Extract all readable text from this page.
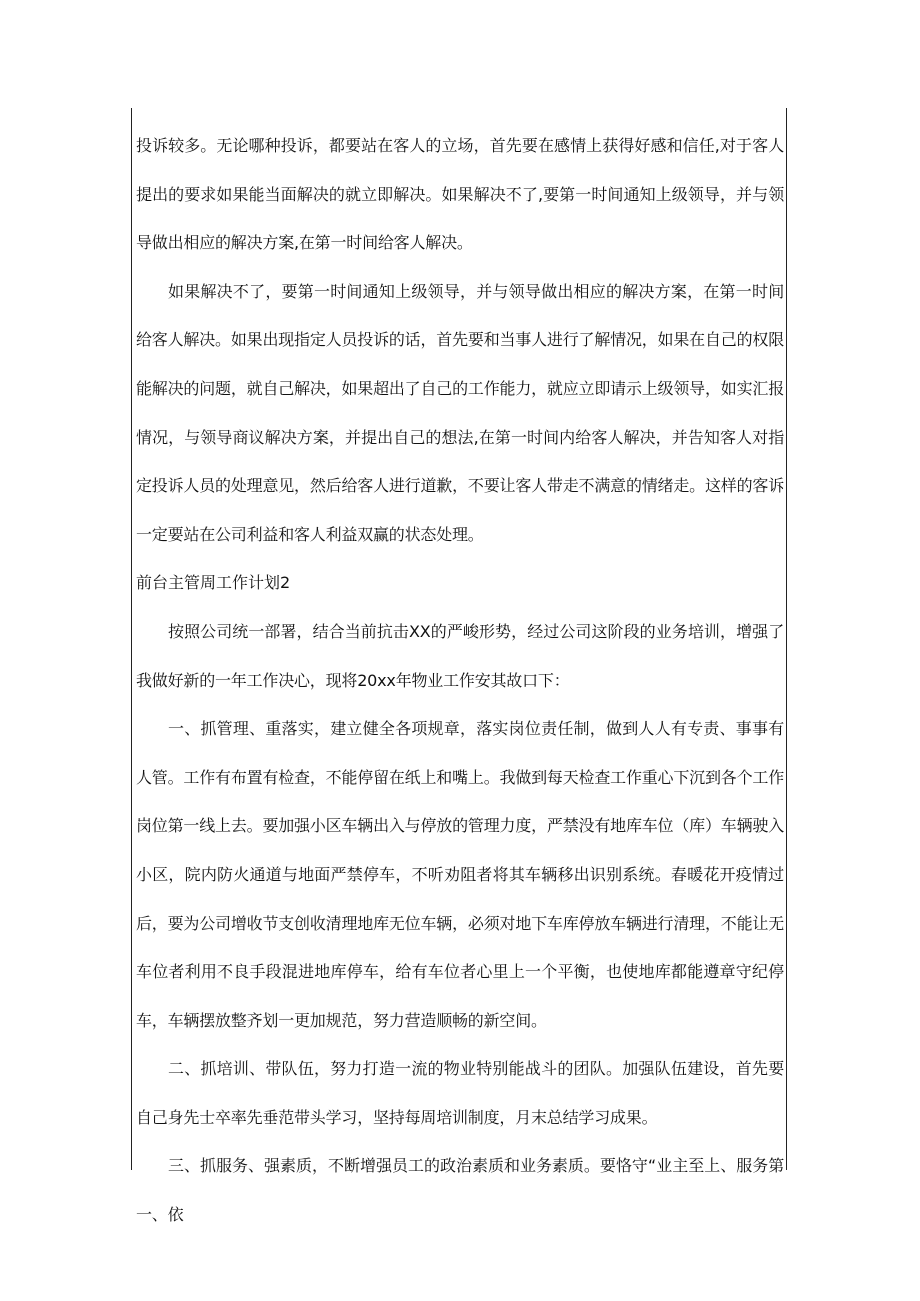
投诉较多。无论哪种投诉，都要站在客人的立场，首先要在感情上获得好感和信任,对于客人提出的要求如果能当面解决的就立即解决。如果解决不了,要第一时间通知上级领导，并与领导做出相应的解决方案,在第一时间给客人解决。

如果解决不了，要第一时间通知上级领导，并与领导做出相应的解决方案，在第一时间给客人解决。如果出现指定人员投诉的话，首先要和当事人进行了解情况，如果在自己的权限能解决的问题，就自己解决，如果超出了自己的工作能力，就应立即请示上级领导，如实汇报情况，与领导商议解决方案，并提出自己的想法,在第一时间内给客人解决，并告知客人对指定投诉人员的处理意见，然后给客人进行道歉，不要让客人带走不满意的情绪走。这样的客诉一定要站在公司利益和客人利益双赢的状态处理。

前台主管周工作计划2

按照公司统一部署，结合当前抗击XX的严峻形势，经过公司这阶段的业务培训，增强了我做好新的一年工作决心，现将20xx年物业工作安其故口下：

一、抓管理、重落实，建立健全各项规章，落实岗位责任制，做到人人有专责、事事有人管。工作有布置有检查，不能停留在纸上和嘴上。我做到每天检查工作重心下沉到各个工作岗位第一线上去。要加强小区车辆出入与停放的管理力度，严禁没有地库车位（库）车辆驶入小区，院内防火通道与地面严禁停车，不听劝阻者将其车辆移出识别系统。春暖花开疫情过后，要为公司增收节支创收清理地库无位车辆，必须对地下车库停放车辆进行清理，不能让无车位者利用不良手段混进地库停车，给有车位者心里上一个平衡，也使地库都能遵章守纪停车，车辆摆放整齐划一更加规范，努力营造顺畅的新空间。

二、抓培训、带队伍，努力打造一流的物业特别能战斗的团队。加强队伍建设，首先要自己身先士卒率先垂范带头学习，坚持每周培训制度，月末总结学习成果。

三、抓服务、强素质，不断增强员工的政治素质和业务素质。要恪守“业主至上、服务第一、依
